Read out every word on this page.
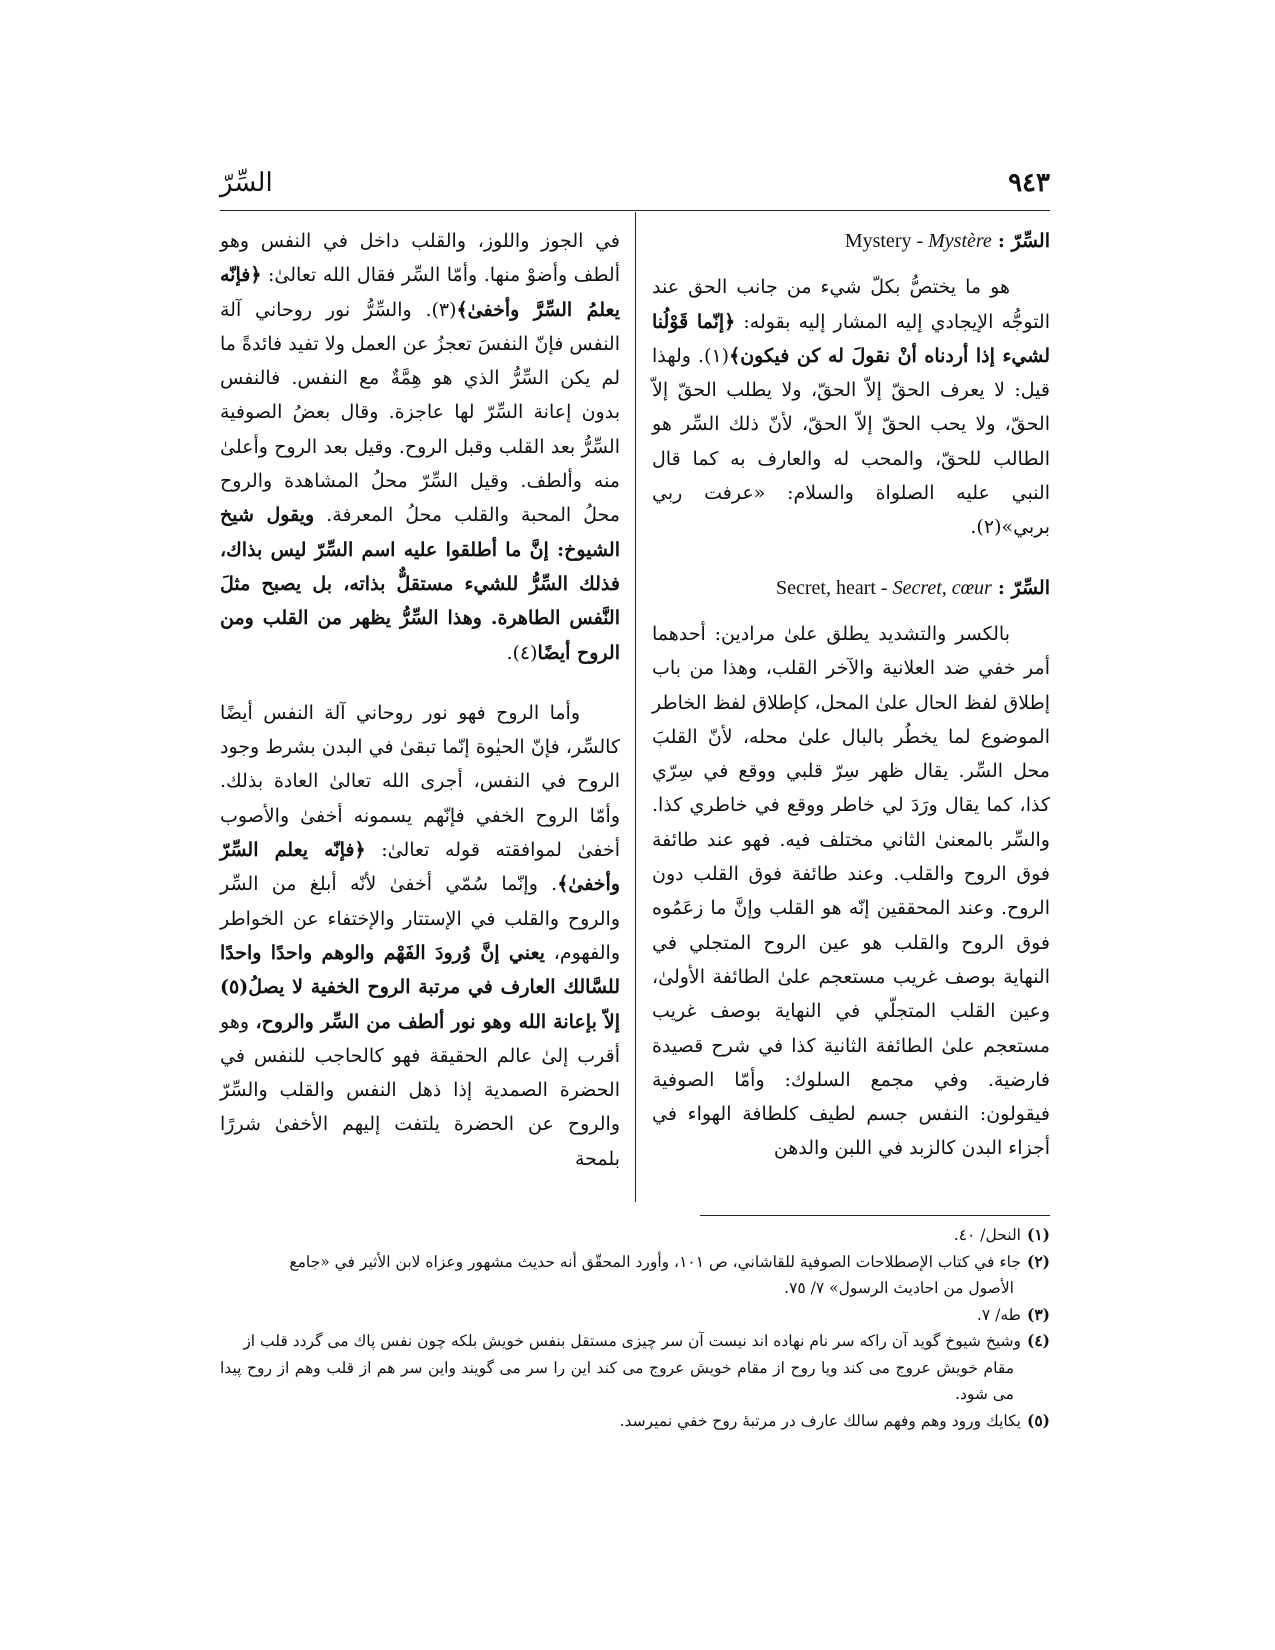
٩٤٣
السِّرّ
السِّرّ : Mystery - Mystère

هو ما يختصُّ بكلّ شيء من جانب الحق عند التوجُّه الإيجادي إليه المشار إليه بقوله: ﴿إنّما قَوْلُنا لشيء إذا أردناه أنْ نقولَ له كن فيكون﴾(١). ولهذا قيل: لا يعرف الحقّ إلاّ الحقّ، ولا يطلب الحقّ إلاّ الحقّ، ولا يحب الحقّ إلاّ الحقّ، لأنّ ذلك السِّر هو الطالب للحقّ، والمحب له والعارف به كما قال النبي عليه الصلواة والسلام: «عرفت ربي بربي»(٢).

السِّرّ : Secret, heart - Secret, cœur

بالكسر والتشديد يطلق علىٰ مرادين: أحدهما أمر خفي ضد العلانية والآخر القلب، وهذا من باب إطلاق لفظ الحال علىٰ المحل، كإطلاق لفظ الخاطر الموضوع لما يخطُر بالبال علىٰ محله، لأنّ القلبَ محل السِّر. يقال ظهر سِرّ قلبي ووقع في سِرّي كذا، كما يقال ورَدَ لي خاطر ووقع في خاطري كذا. والسِّر بالمعنىٰ الثاني مختلف فيه. فهو عند طائفة فوق الروح والقلب. وعند طائفة فوق القلب دون الروح. وعند المحققين إنّه هو القلب وإنَّ ما زعَمُوه فوق الروح والقلب هو عين الروح المتجلي في النهاية بوصف غريب مستعجم علىٰ الطائفة الأولىٰ، وعين القلب المتجلّي في النهاية بوصف غريب مستعجم علىٰ الطائفة الثانية كذا في شرح قصيدة فارضية. وفي مجمع السلوك: وأمّا الصوفية فيقولون: النفس جسم لطيف كلطافة الهواء في أجزاء البدن كالزبد في اللبن والدهن

في الجوز واللوز، والقلب داخل في النفس وهو ألطف وأضوْ منها. وأمّا السِّر فقال الله تعالىٰ: ﴿فإنّه يعلمُ السِّرَّ وأخفىٰ﴾(٣). والسِّرُّ نور روحاني آلة النفس فإنّ النفسَ تعجزُ عن العمل ولا تفيد فائدةً ما لم يكن السِّرُّ الذي هو هِمَّةٌ مع النفس. فالنفس بدون إعانة السِّرّ لها عاجزة. وقال بعضُ الصوفية السِّرُّ بعد القلب وقبل الروح. وقيل بعد الروح وأعلىٰ منه وألطف. وقيل السِّرّ محلُ المشاهدة والروح محلُ المحبة والقلب محلُ المعرفة. ويقول شيخ الشيوخ: إنَّ ما أطلقوا عليه اسم السِّرّ ليس بذاك، فذلك السِّرُّ للشيء مستقلٌّ بذاته، بل يصبح مثلَ النَّفس الطاهرة. وهذا السِّرُّ يظهر من القلب ومن الروح أيضًا(٤).

وأما الروح فهو نور روحاني آلة النفس أيضًا كالسِّر، فإنّ الحيٰوة إنّما تبقىٰ في البدن بشرط وجود الروح في النفس، أجرى الله تعالىٰ العادة بذلك. وأمّا الروح الخفي فإنّهم يسمونه أخفىٰ والأصوب أخفىٰ لموافقته قوله تعالىٰ: ﴿فإنّه يعلم السِّرّ وأخفىٰ﴾. وإنّما سُمّي أخفىٰ لأنّه أبلغ من السِّر والروح والقلب في الإستتار والإختفاء عن الخواطر والفهوم، يعني إنَّ وُرودَ الفَهْم والوهم واحدًا واحدًا للسَّالك العارف في مرتبة الروح الخفية لا يصلُ(٥) إلاّ بإعانة الله وهو نور ألطف من السِّر والروح، وهو أقرب إلىٰ عالم الحقيقة فهو كالحاجب للنفس في الحضرة الصمدية إذا ذهل النفس والقلب والسِّرّ والروح عن الحضرة يلتفت إليهم الأخفىٰ شررًا بلمحة

(١)النحل/ ٤٠.

(٢)جاء في كتاب الإصطلاحات الصوفية للقاشاني، ص ١٠١، وأورد المحقّق أنه حديث مشهور وعزاه لابن الأثير في «جامع

الأصول من احاديث الرسول» ٧/ ٧٥.

(٣)طه/ ٧.

(٤)وشيخ شيوخ گويد آن راكه سر نام نهاده اند نيست آن سر چيزى مستقل بنفس خويش بلكه چون نفس پاك مى گردد قلب از

مقام خويش عروج مى كند ويا روح از مقام خويش عروج مى كند اين را سر مى گويند واين سر هم از قلب وهم از روح پيدا مى شود.

(٥)يكايك ورود وهم وفهم سالك عارف در مرتبهٔ روح خفي نميرسد.
